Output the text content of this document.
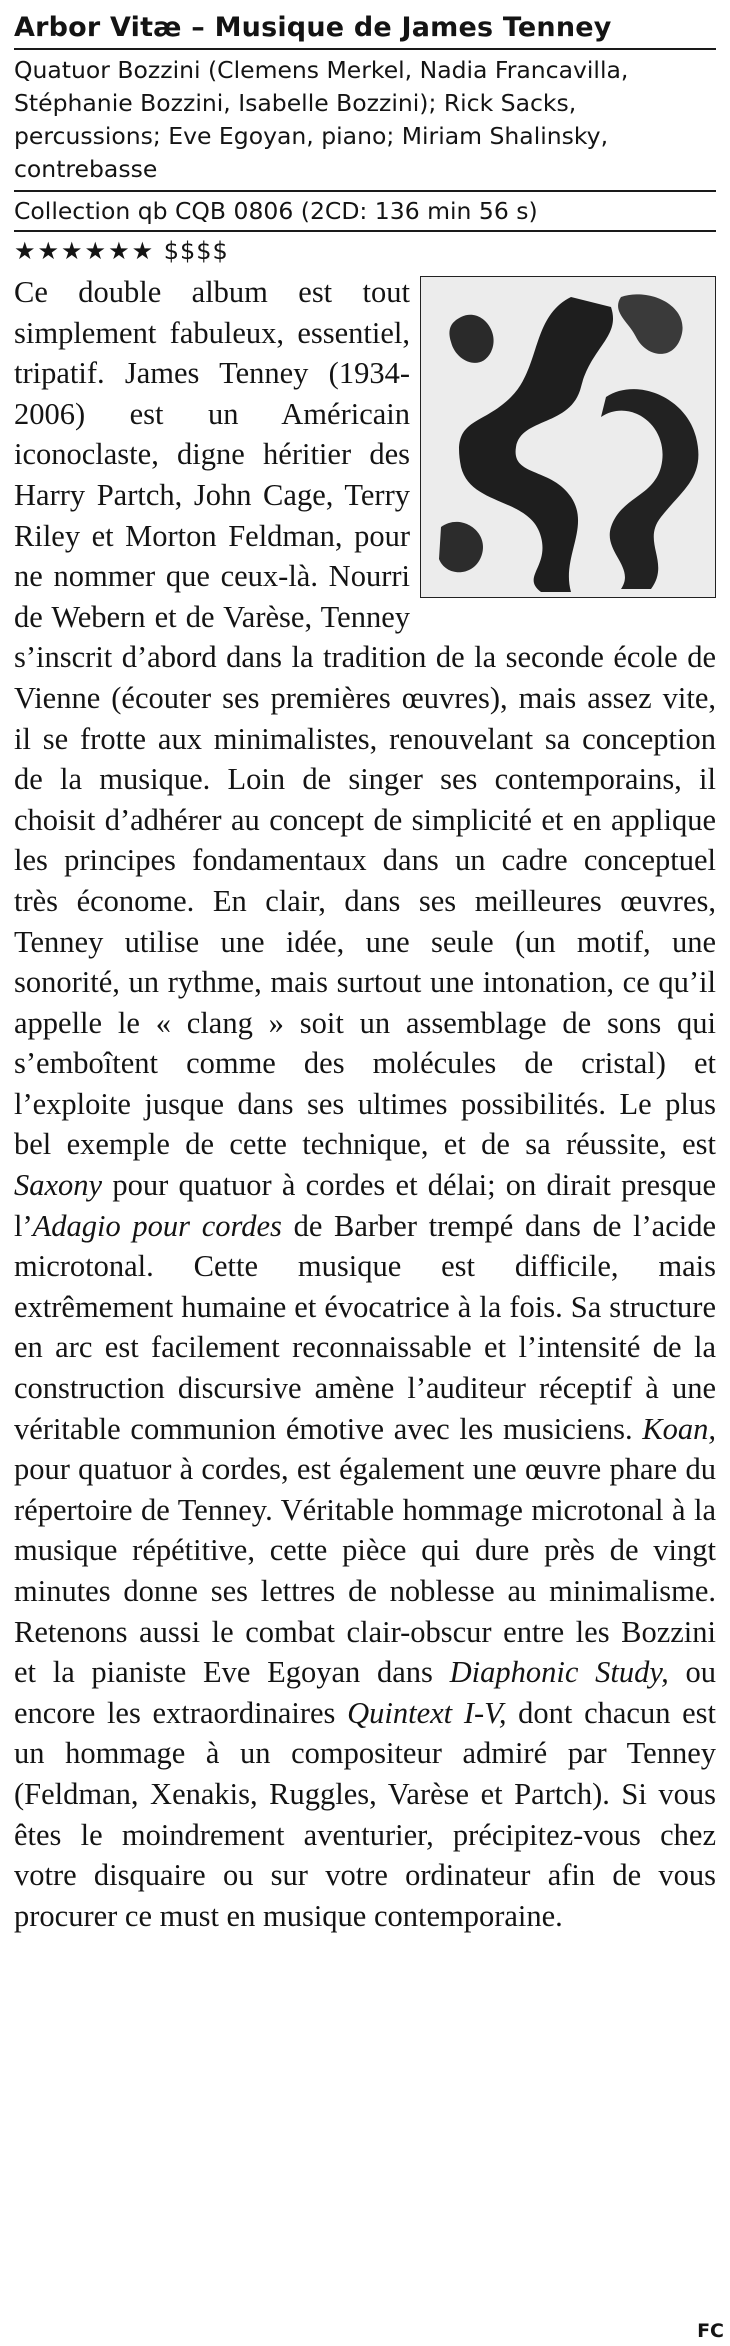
Arbor Vitæ – Musique de James Tenney
Quatuor Bozzini (Clemens Merkel, Nadia Francavilla, Stéphanie Bozzini, Isabelle Bozzini); Rick Sacks, percussions; Eve Egoyan, piano; Miriam Shalinsky, contrebasse
Collection qb CQB 0806 (2CD: 136 min 56 s)
★★★★★★ $$$$
Ce double album est tout simplement fabuleux, essentiel, tripatif. James Tenney (1934-2006) est un Américain iconoclaste, digne héritier des Harry Partch, John Cage, Terry Riley et Morton Feldman, pour ne nommer que ceux-là. Nourri de Webern et de Varèse, Tenney s’inscrit d’abord dans la tradition de la seconde école de Vienne (écouter ses premières œuvres), mais assez vite, il se frotte aux minimalistes, renouvelant sa conception de la musique. Loin de singer ses contemporains, il choisit d’adhérer au concept de simplicité et en applique les principes fondamentaux dans un cadre conceptuel très économe. En clair, dans ses meilleures œuvres, Tenney utilise une idée, une seule (un motif, une sonorité, un rythme, mais surtout une intonation, ce qu’il appelle le « clang » soit un assemblage de sons qui s’emboîtent comme des molécules de cristal) et l’exploite jusque dans ses ultimes possibilités. Le plus bel exemple de cette technique, et de sa réussite, est Saxony pour quatuor à cordes et délai; on dirait presque l’Adagio pour cordes de Barber trempé dans de l’acide microtonal. Cette musique est difficile, mais extrêmement humaine et évocatrice à la fois. Sa structure en arc est facilement reconnaissable et l’intensité de la construction discursive amène l’auditeur réceptif à une véritable communion émotive avec les musiciens. Koan, pour quatuor à cordes, est également une œuvre phare du répertoire de Tenney. Véritable hommage microtonal à la musique répétitive, cette pièce qui dure près de vingt minutes donne ses lettres de noblesse au minimalisme. Retenons aussi le combat clair-obscur entre les Bozzini et la pianiste Eve Egoyan dans Diaphonic Study, ou encore les extraordinaires Quintext I-V, dont chacun est un hommage à un compositeur admiré par Tenney (Feldman, Xenakis, Ruggles, Varèse et Partch). Si vous êtes le moindrement aventurier, précipitez-vous chez votre disquaire ou sur votre ordinateur afin de vous procurer ce must en musique contemporaine.
FC
